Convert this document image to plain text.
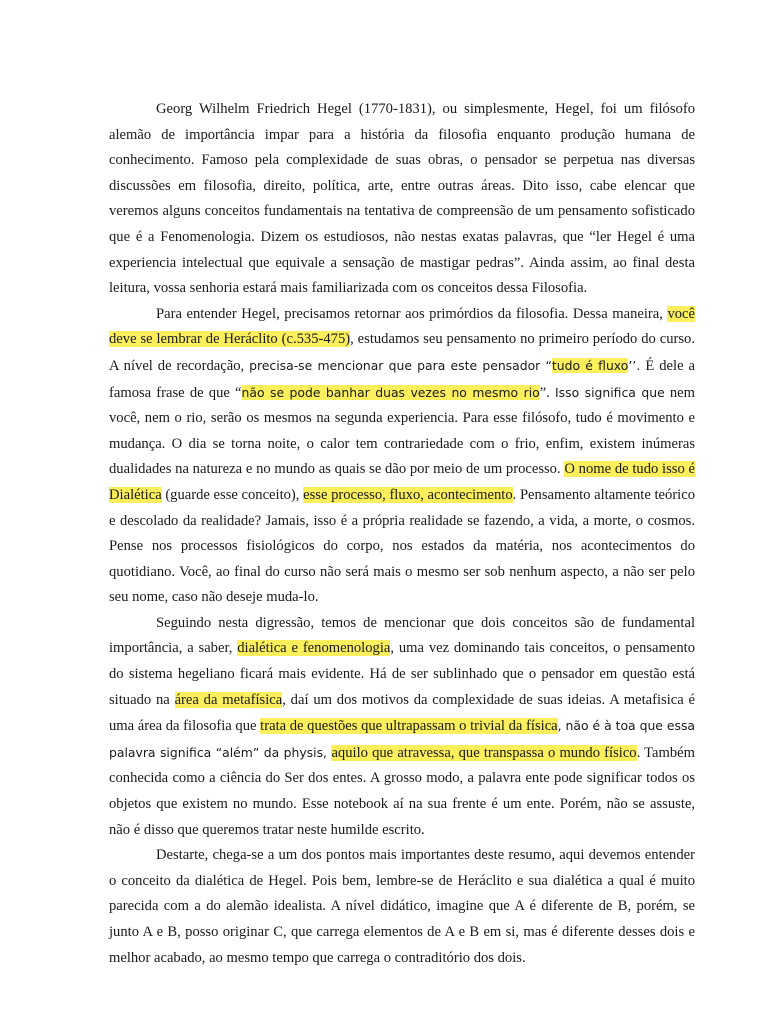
Georg Wilhelm Friedrich Hegel (1770-1831), ou simplesmente, Hegel, foi um filósofo alemão de importância impar para a história da filosofia enquanto produção humana de conhecimento. Famoso pela complexidade de suas obras, o pensador se perpetua nas diversas discussões em filosofia, direito, política, arte, entre outras áreas. Dito isso, cabe elencar que veremos alguns conceitos fundamentais na tentativa de compreensão de um pensamento sofisticado que é a Fenomenologia. Dizem os estudiosos, não nestas exatas palavras, que “ler Hegel é uma experiencia intelectual que equivale a sensação de mastigar pedras”. Ainda assim, ao final desta leitura, vossa senhoria estará mais familiarizada com os conceitos dessa Filosofia.

Para entender Hegel, precisamos retornar aos primórdios da filosofia. Dessa maneira, você deve se lembrar de Heráclito (c.535-475), estudamos seu pensamento no primeiro período do curso. A nível de recordação, precisa-se mencionar que para este pensador “tudo é fluxo’’. É dele a famosa frase de que “não se pode banhar duas vezes no mesmo rio”. Isso significa que nem você, nem o rio, serão os mesmos na segunda experiencia. Para esse filósofo, tudo é movimento e mudança. O dia se torna noite, o calor tem contrariedade com o frio, enfim, existem inúmeras dualidades na natureza e no mundo as quais se dão por meio de um processo. O nome de tudo isso é Dialética (guarde esse conceito), esse processo, fluxo, acontecimento. Pensamento altamente teórico e descolado da realidade? Jamais, isso é a própria realidade se fazendo, a vida, a morte, o cosmos. Pense nos processos fisiológicos do corpo, nos estados da matéria, nos acontecimentos do quotidiano. Você, ao final do curso não será mais o mesmo ser sob nenhum aspecto, a não ser pelo seu nome, caso não deseje muda-lo.

Seguindo nesta digressão, temos de mencionar que dois conceitos são de fundamental importância, a saber, dialética e fenomenologia, uma vez dominando tais conceitos, o pensamento do sistema hegeliano ficará mais evidente. Há de ser sublinhado que o pensador em questão está situado na área da metafísica, daí um dos motivos da complexidade de suas ideias. A metafisica é uma área da filosofia que trata de questões que ultrapassam o trivial da física, não é à toa que essa palavra significa “além” da physis, aquilo que atravessa, que transpassa o mundo físico. Também conhecida como a ciência do Ser dos entes. A grosso modo, a palavra ente pode significar todos os objetos que existem no mundo. Esse notebook aí na sua frente é um ente. Porém, não se assuste, não é disso que queremos tratar neste humilde escrito.

Destarte, chega-se a um dos pontos mais importantes deste resumo, aqui devemos entender o conceito da dialética de Hegel. Pois bem, lembre-se de Heráclito e sua dialética a qual é muito parecida com a do alemão idealista. A nível didático, imagine que A é diferente de B, porém, se junto A e B, posso originar C, que carrega elementos de A e B em si, mas é diferente desses dois e melhor acabado, ao mesmo tempo que carrega o contraditório dos dois.
